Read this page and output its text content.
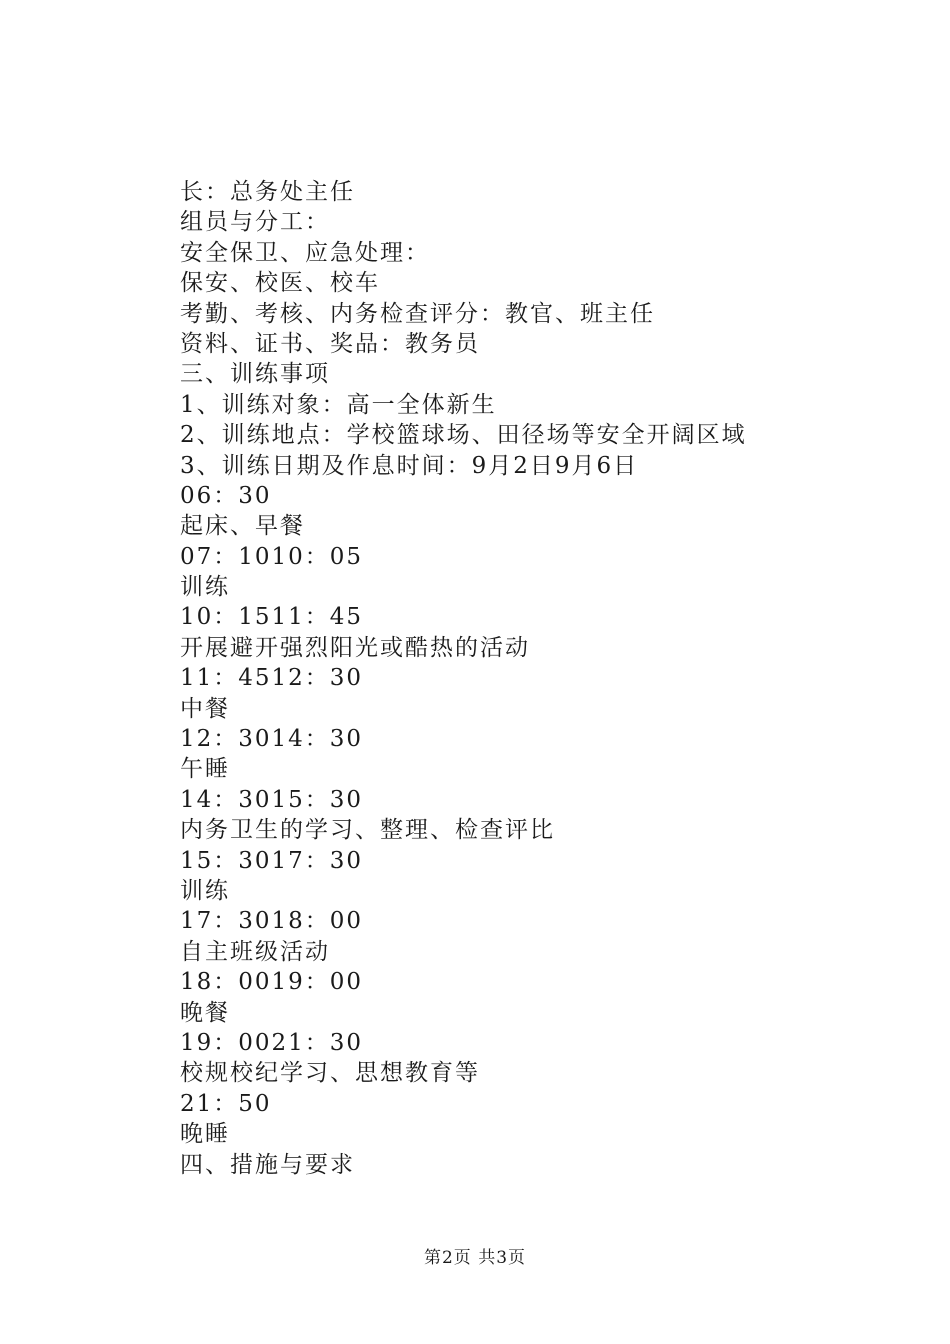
长：总务处主任
组员与分工：
安全保卫、应急处理：
保安、校医、校车
考勤、考核、内务检查评分：教官、班主任
资料、证书、奖品：教务员
三、训练事项
1、训练对象：高一全体新生
2、训练地点：学校篮球场、田径场等安全开阔区域
3、训练日期及作息时间：9月2日9月6日
06：30
起床、早餐
07：1010：05
训练
10：1511：45
开展避开强烈阳光或酷热的活动
11：4512：30
中餐
12：3014：30
午睡
14：3015：30
内务卫生的学习、整理、检查评比
15：3017：30
训练
17：3018：00
自主班级活动
18：0019：00
晚餐
19：0021：30
校规校纪学习、思想教育等
21：50
晚睡
四、措施与要求
第2页 共3页
